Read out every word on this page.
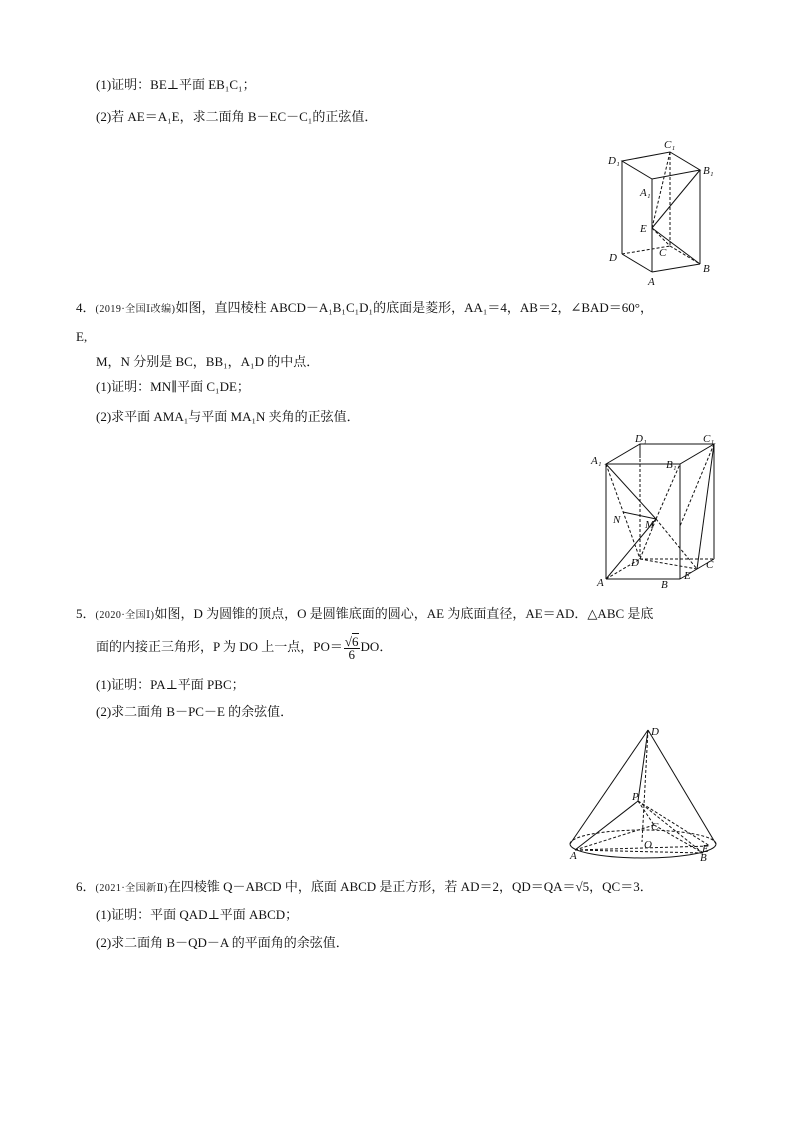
(1)证明：BE⊥平面 EB₁C₁；
(2)若 AE＝A₁E，求二面角 B－EC－C₁的正弦值．
D₁
C₁
B₁
A₁
E
C
D
A
B
4．(2019·全国Ⅰ改编)如图，直四棱柱 ABCD－A₁B₁C₁D₁的底面是菱形，AA₁＝4，AB＝2，∠BAD＝60°，
E,
M，N 分别是 BC，BB₁，A₁D 的中点．
(1)证明：MN∥平面 C₁DE；
(2)求平面 AMA₁与平面 MA₁N 夹角的正弦值．
D₁	C₁
A₁	B₁
N M
D
A	B
E
C
5．(2020·全国Ⅰ)如图，D 为圆锥的顶点，O 是圆锥底面的圆心，AE 为底面直径，AE＝AD．△ABC 是底
面的内接正三角形，P 为 DO 上一点，$PO= \frac{√6}{6}$ DO．
(1)证明：PA⊥平面 PBC；
(2)求二面角 B－PC－E 的余弦值．
D
P
C
O	E
A	B
6．(2021·全国新Ⅱ)在四棱锥 Q－ABCD 中，底面 ABCD 是正方形，若 AD＝2，QD＝QA＝√5，QC＝3．
(1)证明：平面 QAD⊥平面 ABCD；
(2)求二面角 B－QD－A 的平面角的余弦值．
